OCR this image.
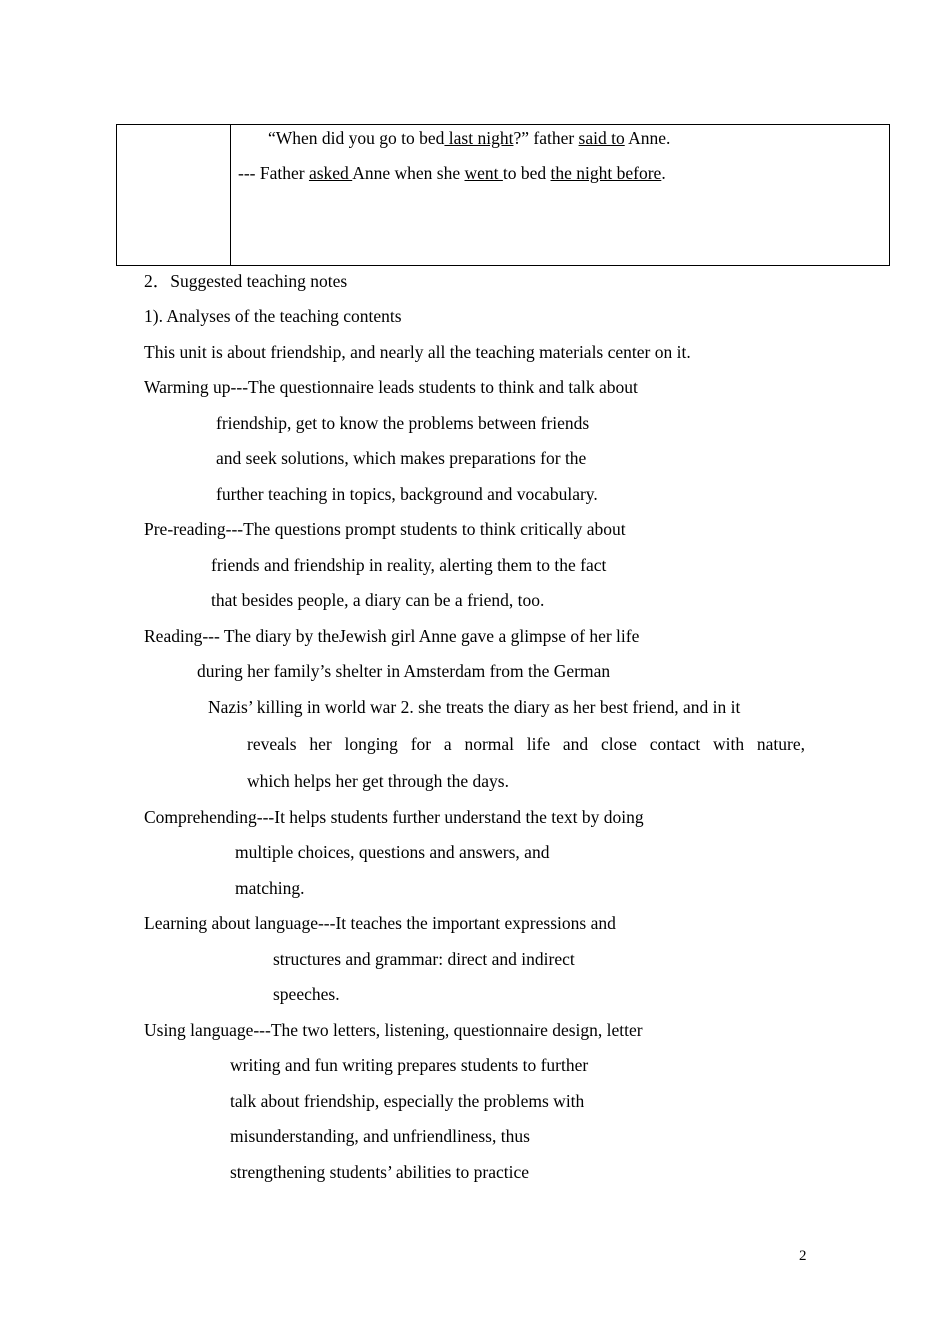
“When did you go to bed last night?” father said to Anne.
--- Father asked Anne when she went to bed the night before.
2．Suggested teaching notes
1). Analyses of the teaching contents
This unit is about friendship, and nearly all the teaching materials center on it.
Warming up---The questionnaire leads students to think and talk about
friendship, get to know the problems between friends
and seek solutions, which makes preparations for the
further teaching in topics, background and vocabulary.
Pre-reading---The questions prompt students to think critically about
friends and friendship in reality, alerting them to the fact
that besides people, a diary can be a friend, too.
Reading--- The diary by theJewish girl Anne gave a glimpse of her life
during her family’s shelter in Amsterdam from the German
Nazis’ killing in world war 2. she treats the diary as her best friend, and in it
reveals her longing for a normal life and close contact with nature,
which helps her get through the days.
Comprehending---It helps students further understand the text by doing
multiple choices, questions and answers, and
matching.
Learning about language---It teaches the important expressions and
structures and grammar: direct and indirect
speeches.
Using language---The two letters, listening, questionnaire design, letter
writing and fun writing prepares students to further
talk about friendship, especially the problems with
misunderstanding, and unfriendliness, thus
strengthening students’ abilities to practice
2
